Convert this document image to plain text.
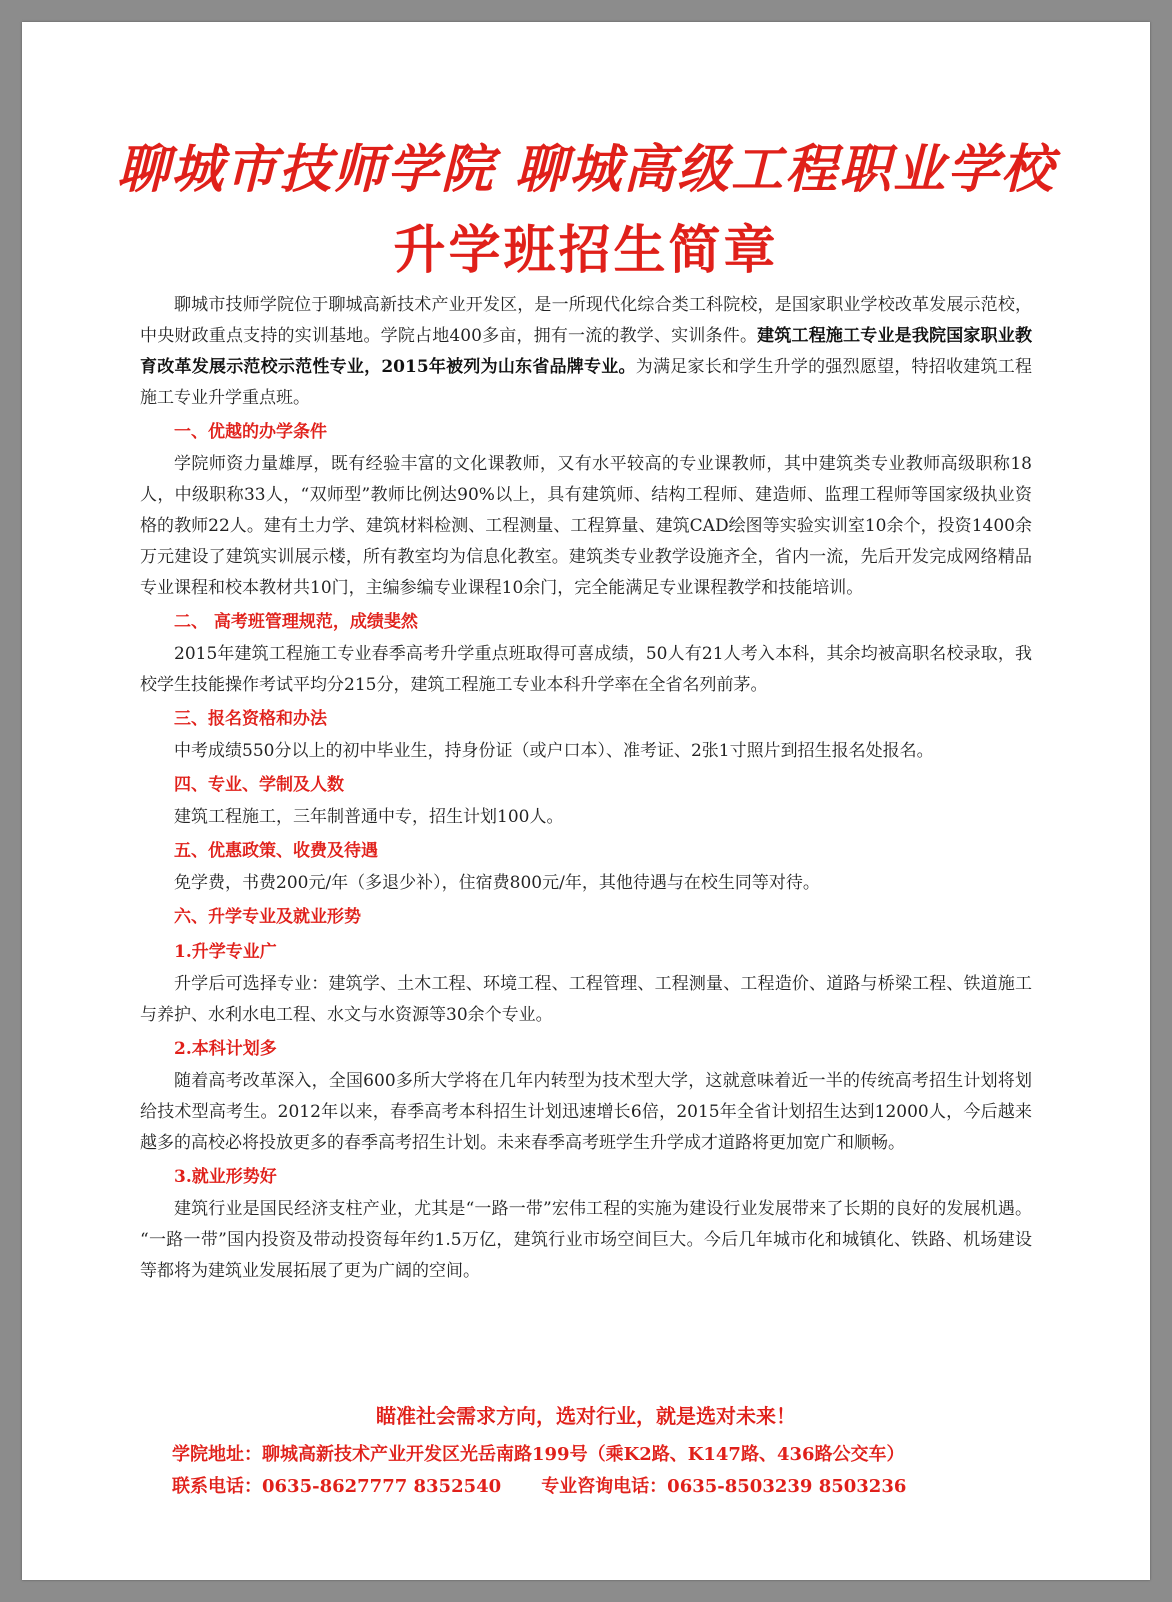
聊城市技师学院 聊城高级工程职业学校
升学班招生简章

聊城市技师学院位于聊城高新技术产业开发区，是一所现代化综合类工科院校，是国家职业学校改革发展示范校，中央财政重点支持的实训基地。学院占地400多亩，拥有一流的教学、实训条件。建筑工程施工专业是我院国家职业教育改革发展示范校示范性专业，2015年被列为山东省品牌专业。为满足家长和学生升学的强烈愿望，特招收建筑工程施工专业升学重点班。

一、优越的办学条件

学院师资力量雄厚，既有经验丰富的文化课教师，又有水平较高的专业课教师，其中建筑类专业教师高级职称18人，中级职称33人，“双师型”教师比例达90%以上，具有建筑师、结构工程师、建造师、监理工程师等国家级执业资格的教师22人。建有土力学、建筑材料检测、工程测量、工程算量、建筑CAD绘图等实验实训室10余个，投资1400余万元建设了建筑实训展示楼，所有教室均为信息化教室。建筑类专业教学设施齐全，省内一流，先后开发完成网络精品专业课程和校本教材共10门，主编参编专业课程10余门，完全能满足专业课程教学和技能培训。

二、 高考班管理规范，成绩斐然

2015年建筑工程施工专业春季高考升学重点班取得可喜成绩，50人有21人考入本科，其余均被高职名校录取，我校学生技能操作考试平均分215分，建筑工程施工专业本科升学率在全省名列前茅。

三、报名资格和办法

中考成绩550分以上的初中毕业生，持身份证（或户口本）、准考证、2张1寸照片到招生报名处报名。

四、专业、学制及人数

建筑工程施工，三年制普通中专，招生计划100人。

五、优惠政策、收费及待遇

免学费，书费200元/年（多退少补），住宿费800元/年，其他待遇与在校生同等对待。

六、升学专业及就业形势

1.升学专业广

升学后可选择专业：建筑学、土木工程、环境工程、工程管理、工程测量、工程造价、道路与桥梁工程、铁道施工与养护、水利水电工程、水文与水资源等30余个专业。

2.本科计划多

随着高考改革深入，全国600多所大学将在几年内转型为技术型大学，这就意味着近一半的传统高考招生计划将划给技术型高考生。2012年以来，春季高考本科招生计划迅速增长6倍，2015年全省计划招生达到12000人，今后越来越多的高校必将投放更多的春季高考招生计划。未来春季高考班学生升学成才道路将更加宽广和顺畅。

3.就业形势好

建筑行业是国民经济支柱产业，尤其是“一路一带”宏伟工程的实施为建设行业发展带来了长期的良好的发展机遇。 “一路一带”国内投资及带动投资每年约1.5万亿，建筑行业市场空间巨大。今后几年城市化和城镇化、铁路、机场建设等都将为建筑业发展拓展了更为广阔的空间。

瞄准社会需求方向，选对行业，就是选对未来！
学院地址：聊城高新技术产业开发区光岳南路199号（乘K2路、K147路、436路公交车）
联系电话：0635-8627777 8352540 专业咨询电话：0635-8503239 8503236
